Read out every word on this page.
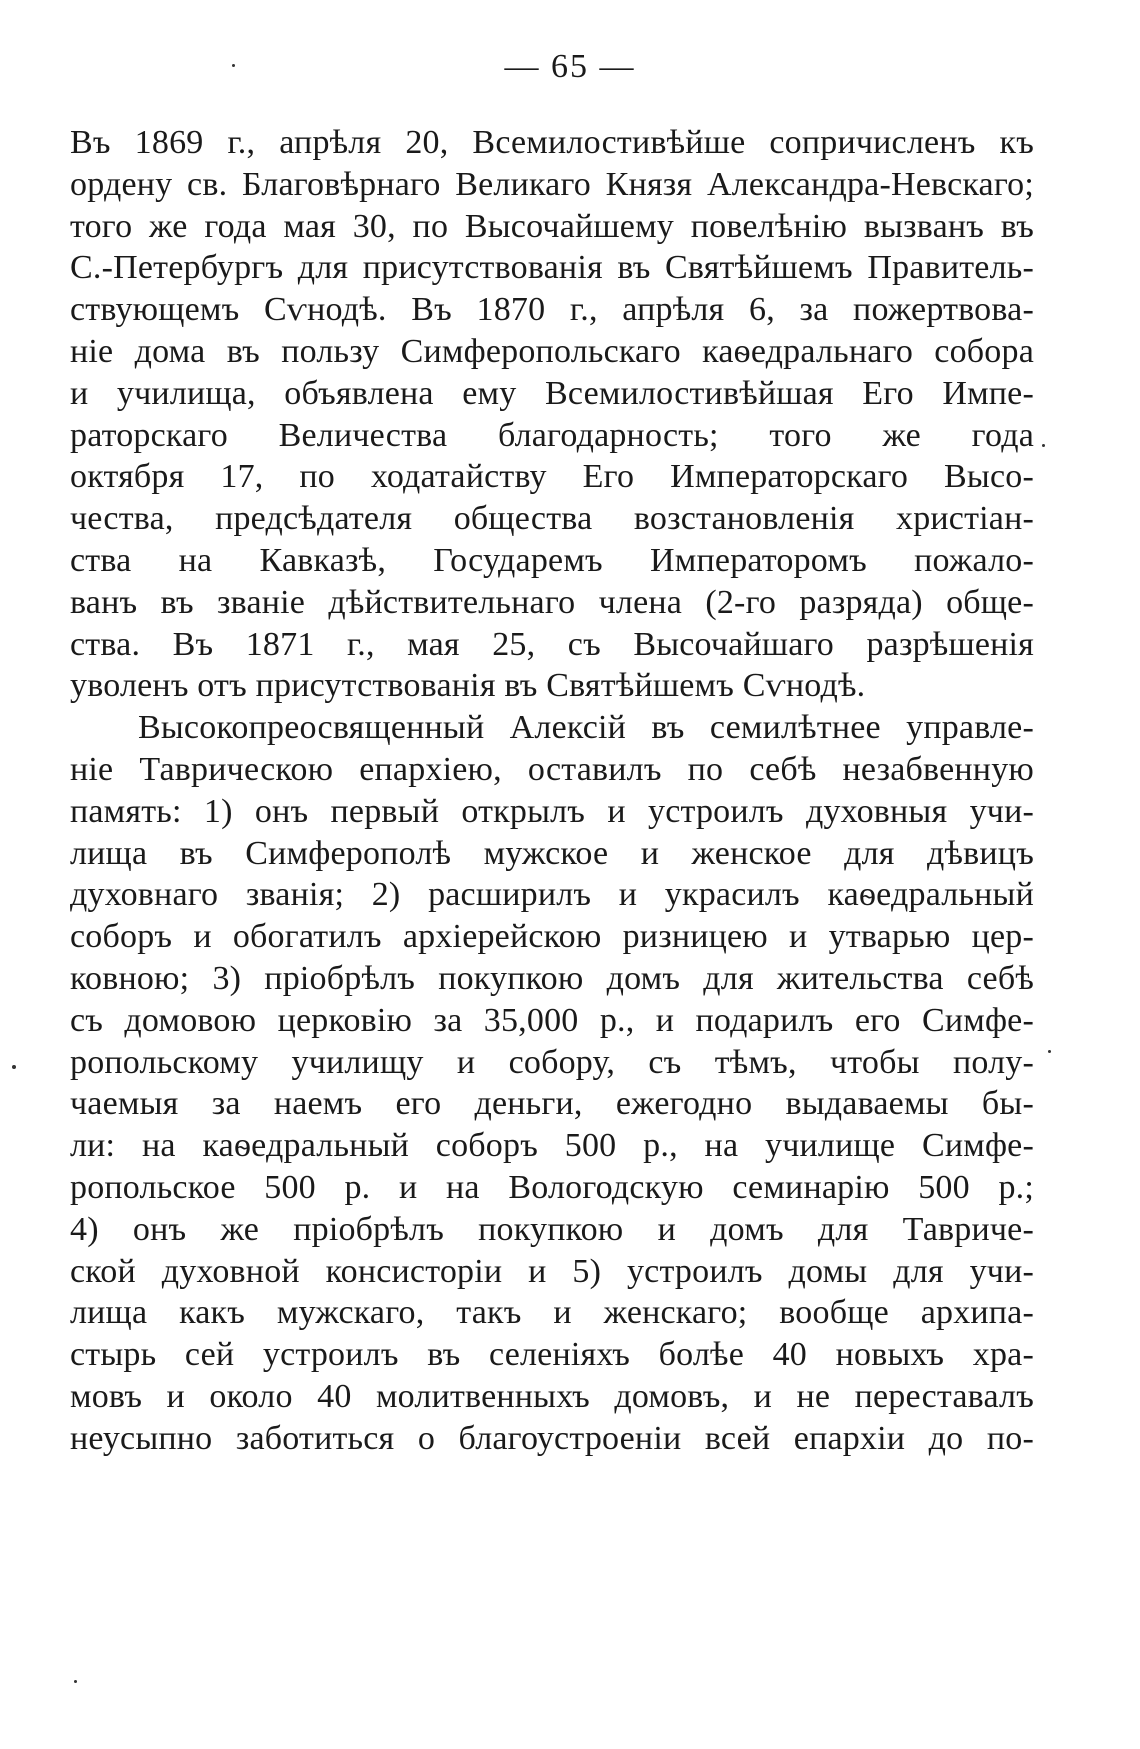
— 65 —
Въ 1869 г., апрѣля 20, Всемилостивѣйше сопричисленъ къ
ордену св. Благовѣрнаго Великаго Князя Александра-Невскаго;
того же года мая 30, по Высочайшему повелѣнію вызванъ въ
С.-Петербургъ для присутствованія въ Святѣйшемъ Правитель-
ствующемъ Сѵнодѣ. Въ 1870 г., апрѣля 6, за пожертвова-
ніе дома въ пользу Симферопольскаго каѳедральнаго собора
и училища, объявлена ему Всемилостивѣйшая Его Импе-
раторскаго Величества благодарность; того же года
октября 17, по ходатайству Его Императорскаго Высо-
чества, предсѣдателя общества возстановленія христіан-
ства на Кавказѣ, Государемъ Императоромъ пожало-
ванъ въ званіе дѣйствительнаго члена (2-го разряда) обще-
ства. Въ 1871 г., мая 25, съ Высочайшаго разрѣшенія
уволенъ отъ присутствованія въ Святѣйшемъ Сѵнодѣ.
Высокопреосвященный Алексій въ семилѣтнее управле-
ніе Таврическою епархіею, оставилъ по себѣ незабвенную
память: 1) онъ первый открылъ и устроилъ духовныя учи-
лища въ Симферополѣ мужское и женское для дѣвицъ
духовнаго званія; 2) расширилъ и украсилъ каѳедральный
соборъ и обогатилъ архіерейскою ризницею и утварью цер-
ковною; 3) пріобрѣлъ покупкою домъ для жительства себѣ
съ домовою церковію за 35,000 р., и подарилъ его Симфе-
ропольскому училищу и собору, съ тѣмъ, чтобы полу-
чаемыя за наемъ его деньги, ежегодно выдаваемы бы-
ли: на каѳедральный соборъ 500 р., на училище Симфе-
ропольское 500 р. и на Вологодскую семинарію 500 р.;
4) онъ же пріобрѣлъ покупкою и домъ для Тавриче-
ской духовной консисторіи и 5) устроилъ домы для учи-
лища какъ мужскаго, такъ и женскаго; вообще архипа-
стырь сей устроилъ въ селеніяхъ болѣе 40 новыхъ хра-
мовъ и около 40 молитвенныхъ домовъ, и не переставалъ
неусыпно заботиться о благоустроеніи всей епархіи до по-
